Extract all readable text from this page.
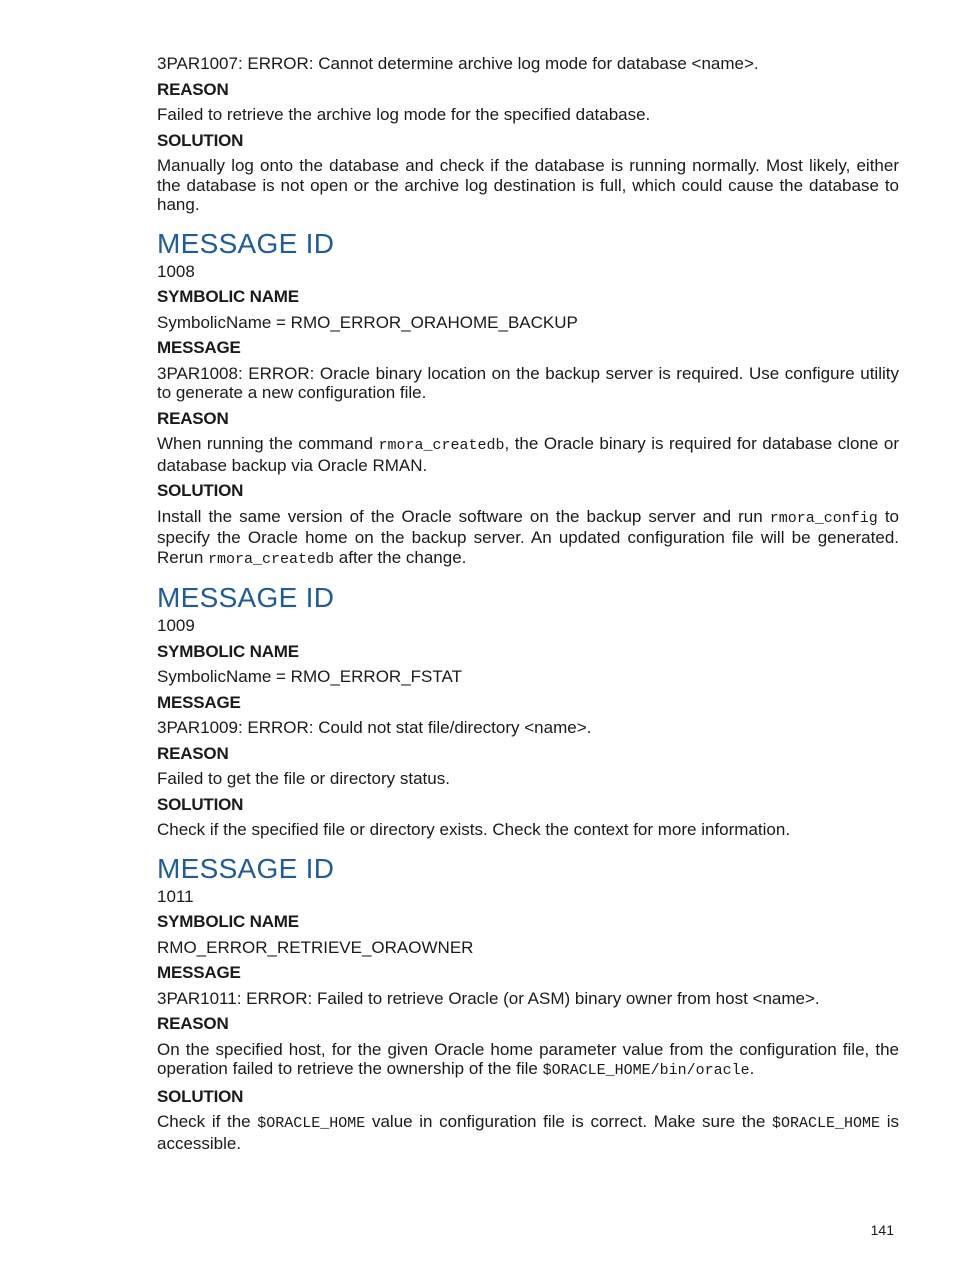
3PAR1007: ERROR: Cannot determine archive log mode for database <name>.

REASON

Failed to retrieve the archive log mode for the specified database.

SOLUTION

Manually log onto the database and check if the database is running normally. Most likely, either the database is not open or the archive log destination is full, which could cause the database to hang.

MESSAGE ID

1008

SYMBOLIC NAME

SymbolicName = RMO_ERROR_ORAHOME_BACKUP

MESSAGE

3PAR1008: ERROR: Oracle binary location on the backup server is required. Use configure utility to generate a new configuration file.

REASON

When running the command rmora_createdb, the Oracle binary is required for database clone or database backup via Oracle RMAN.

SOLUTION

Install the same version of the Oracle software on the backup server and run rmora_config to specify the Oracle home on the backup server. An updated configuration file will be generated. Rerun rmora_createdb after the change.

MESSAGE ID

1009

SYMBOLIC NAME

SymbolicName = RMO_ERROR_FSTAT

MESSAGE

3PAR1009: ERROR: Could not stat file/directory <name>.

REASON

Failed to get the file or directory status.

SOLUTION

Check if the specified file or directory exists. Check the context for more information.

MESSAGE ID

1011

SYMBOLIC NAME

RMO_ERROR_RETRIEVE_ORAOWNER

MESSAGE

3PAR1011: ERROR: Failed to retrieve Oracle (or ASM) binary owner from host <name>.

REASON

On the specified host, for the given Oracle home parameter value from the configuration file, the operation failed to retrieve the ownership of the file $ORACLE_HOME/bin/oracle.

SOLUTION

Check if the $ORACLE_HOME value in configuration file is correct. Make sure the $ORACLE_HOME is accessible.

141
